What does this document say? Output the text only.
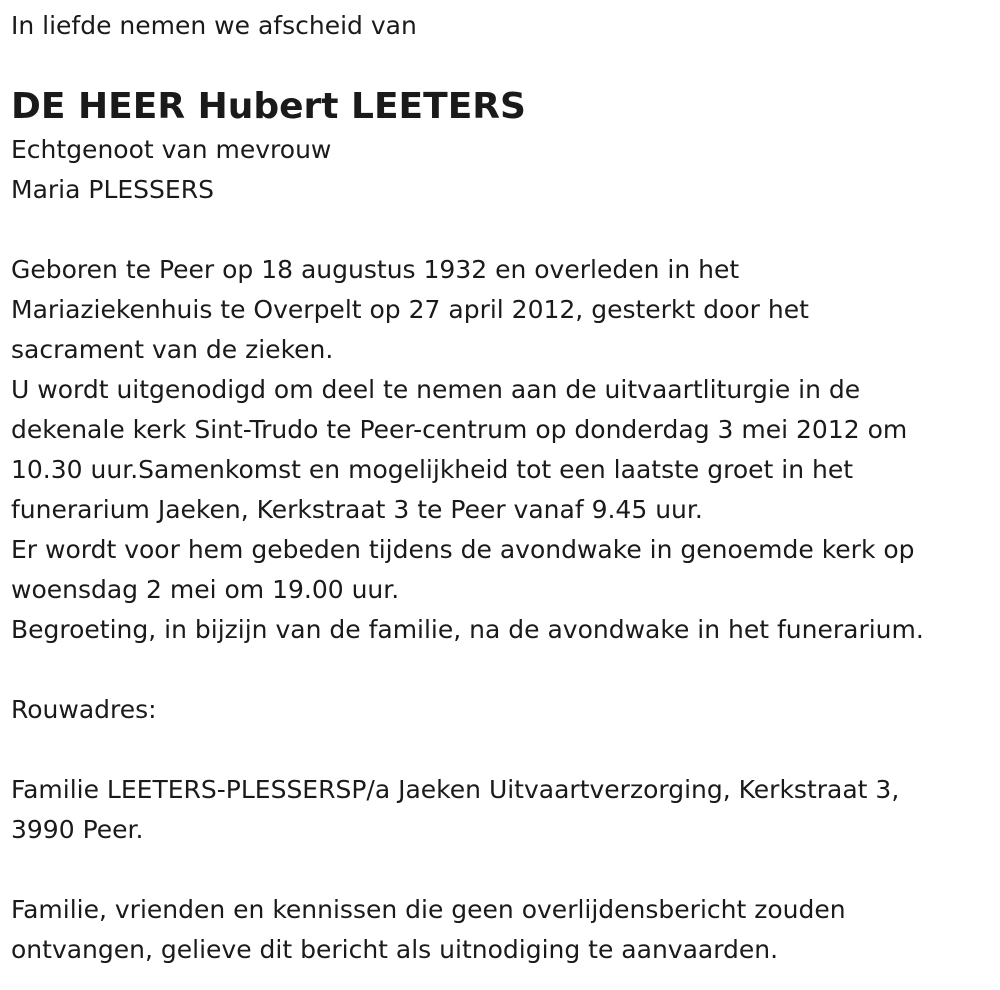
In liefde nemen we afscheid van
DE HEER Hubert LEETERS
Echtgenoot van mevrouw
Maria PLESSERS
Geboren te Peer op 18 augustus 1932 en overleden in het
Mariaziekenhuis te Overpelt op 27 april 2012, gesterkt door het
sacrament van de zieken.
U wordt uitgenodigd om deel te nemen aan de uitvaartliturgie in de
dekenale kerk Sint-Trudo te Peer-centrum op donderdag 3 mei 2012 om
10.30 uur.Samenkomst en mogelijkheid tot een laatste groet in het
funerarium Jaeken, Kerkstraat 3 te Peer vanaf 9.45 uur.
Er wordt voor hem gebeden tijdens de avondwake in genoemde kerk op
woensdag 2 mei om 19.00 uur.
Begroeting, in bijzijn van de familie, na de avondwake in het funerarium.
Rouwadres:
Familie LEETERS-PLESSERSP/a Jaeken Uitvaartverzorging, Kerkstraat 3,
3990 Peer.
Familie, vrienden en kennissen die geen overlijdensbericht zouden
ontvangen, gelieve dit bericht als uitnodiging te aanvaarden.
